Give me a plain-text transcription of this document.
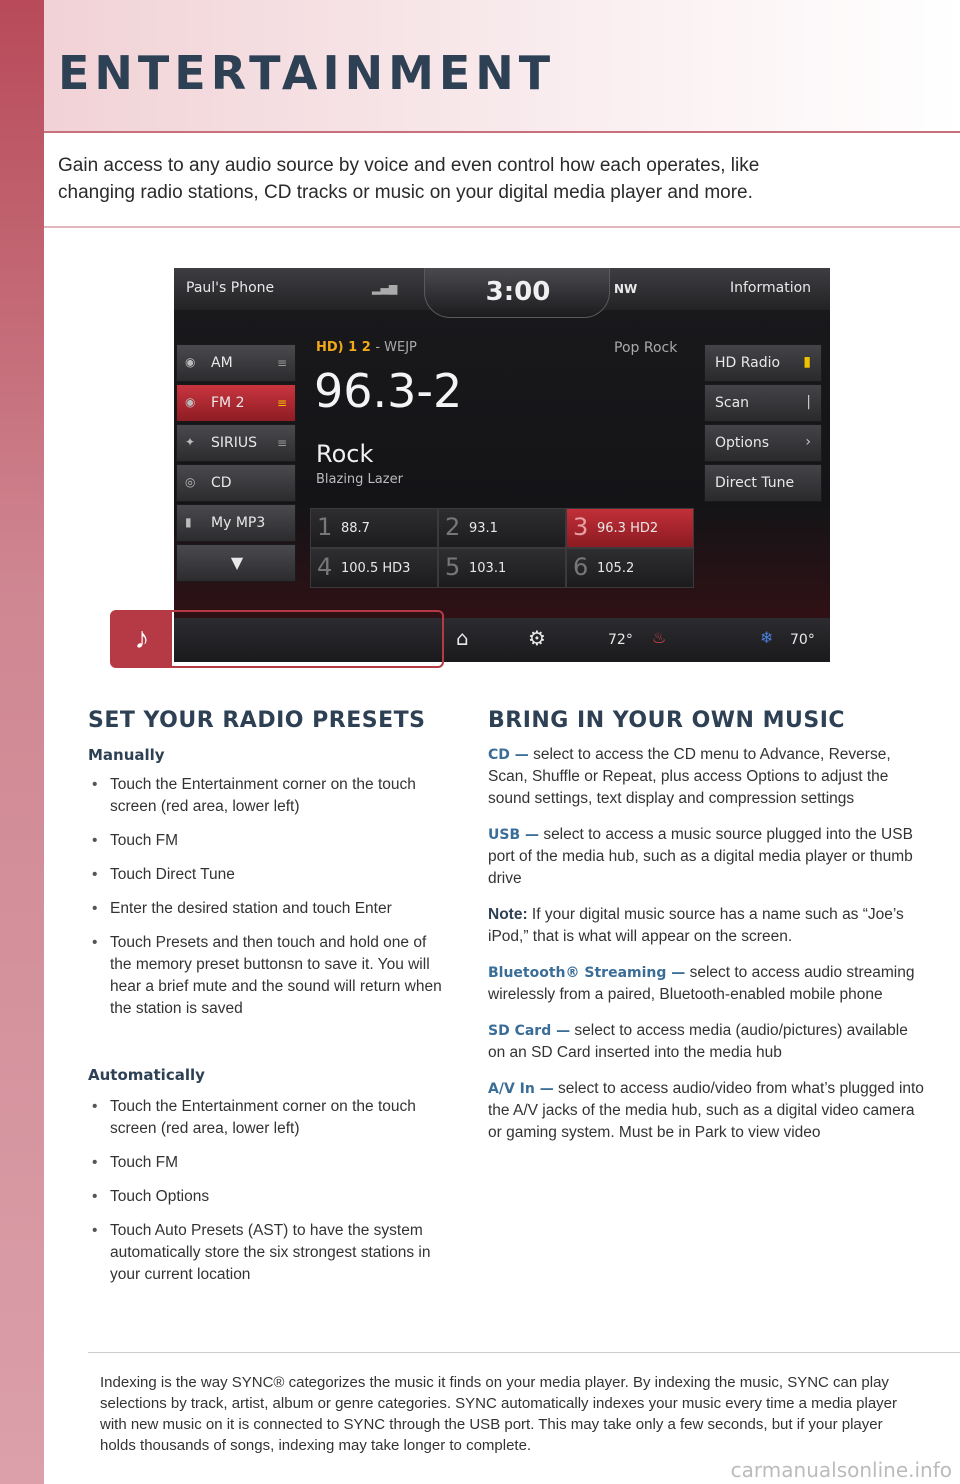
ENTERTAINMENT

Gain access to any audio source by voice and even control how each operates, like changing radio stations, CD tracks or music on your digital media player and more.

Paul's Phone	▂▄▆	NW	Information
3:00
◉ AM	≡
◉ FM 2	≡
✦ SIRIUS ≡
◎ CD
▮ My MP3
▼
HD) 1 2 - WEJP	Pop Rock
96.3-2
Rock
Blazing Lazer
HD Radio ▮
Scan	|
Options	›
Direct Tune
1 88.7	2 93.1	3 96.3 HD2
4 100.5 HD3 5 103.1	6 105.2
⌂	⚙	72° ♨	❄ 70°
♪
SET YOUR RADIO PRESETS
Manually
• Touch the Entertainment corner on the touch screen (red area, lower left)
• Touch FM
• Touch Direct Tune
• Enter the desired station and touch Enter
• Touch Presets and then touch and hold one of the memory preset buttonsn to save it. You will hear a brief mute and the sound will return when the station is saved
Automatically
• Touch the Entertainment corner on the touch screen (red area, lower left)
• Touch FM
• Touch Options
• Touch Auto Presets (AST) to have the system automatically store the six strongest stations in your current location
BRING IN YOUR OWN MUSIC

CD — select to access the CD menu to Advance, Reverse, Scan, Shuffle or Repeat, plus access Options to adjust the sound settings, text display and compression settings

USB — select to access a music source plugged into the USB port of the media hub, such as a digital media player or thumb drive

Note: If your digital music source has a name such as “Joe’s iPod,” that is what will appear on the screen.

Bluetooth® Streaming — select to access audio streaming wirelessly from a paired, Bluetooth-enabled mobile phone

SD Card — select to access media (audio/pictures) available on an SD Card inserted into the media hub

A/V In — select to access audio/video from what’s plugged into the A/V jacks of the media hub, such as a digital video camera or gaming system. Must be in Park to view video

Indexing is the way SYNC® categorizes the music it finds on your media player. By indexing the music, SYNC can play selections by track, artist, album or genre categories. SYNC automatically indexes your music every time a media player with new music on it is connected to SYNC through the USB port. This may take only a few seconds, but if your player holds thousands of songs, indexing may take longer to complete.

carmanualsonline.info
